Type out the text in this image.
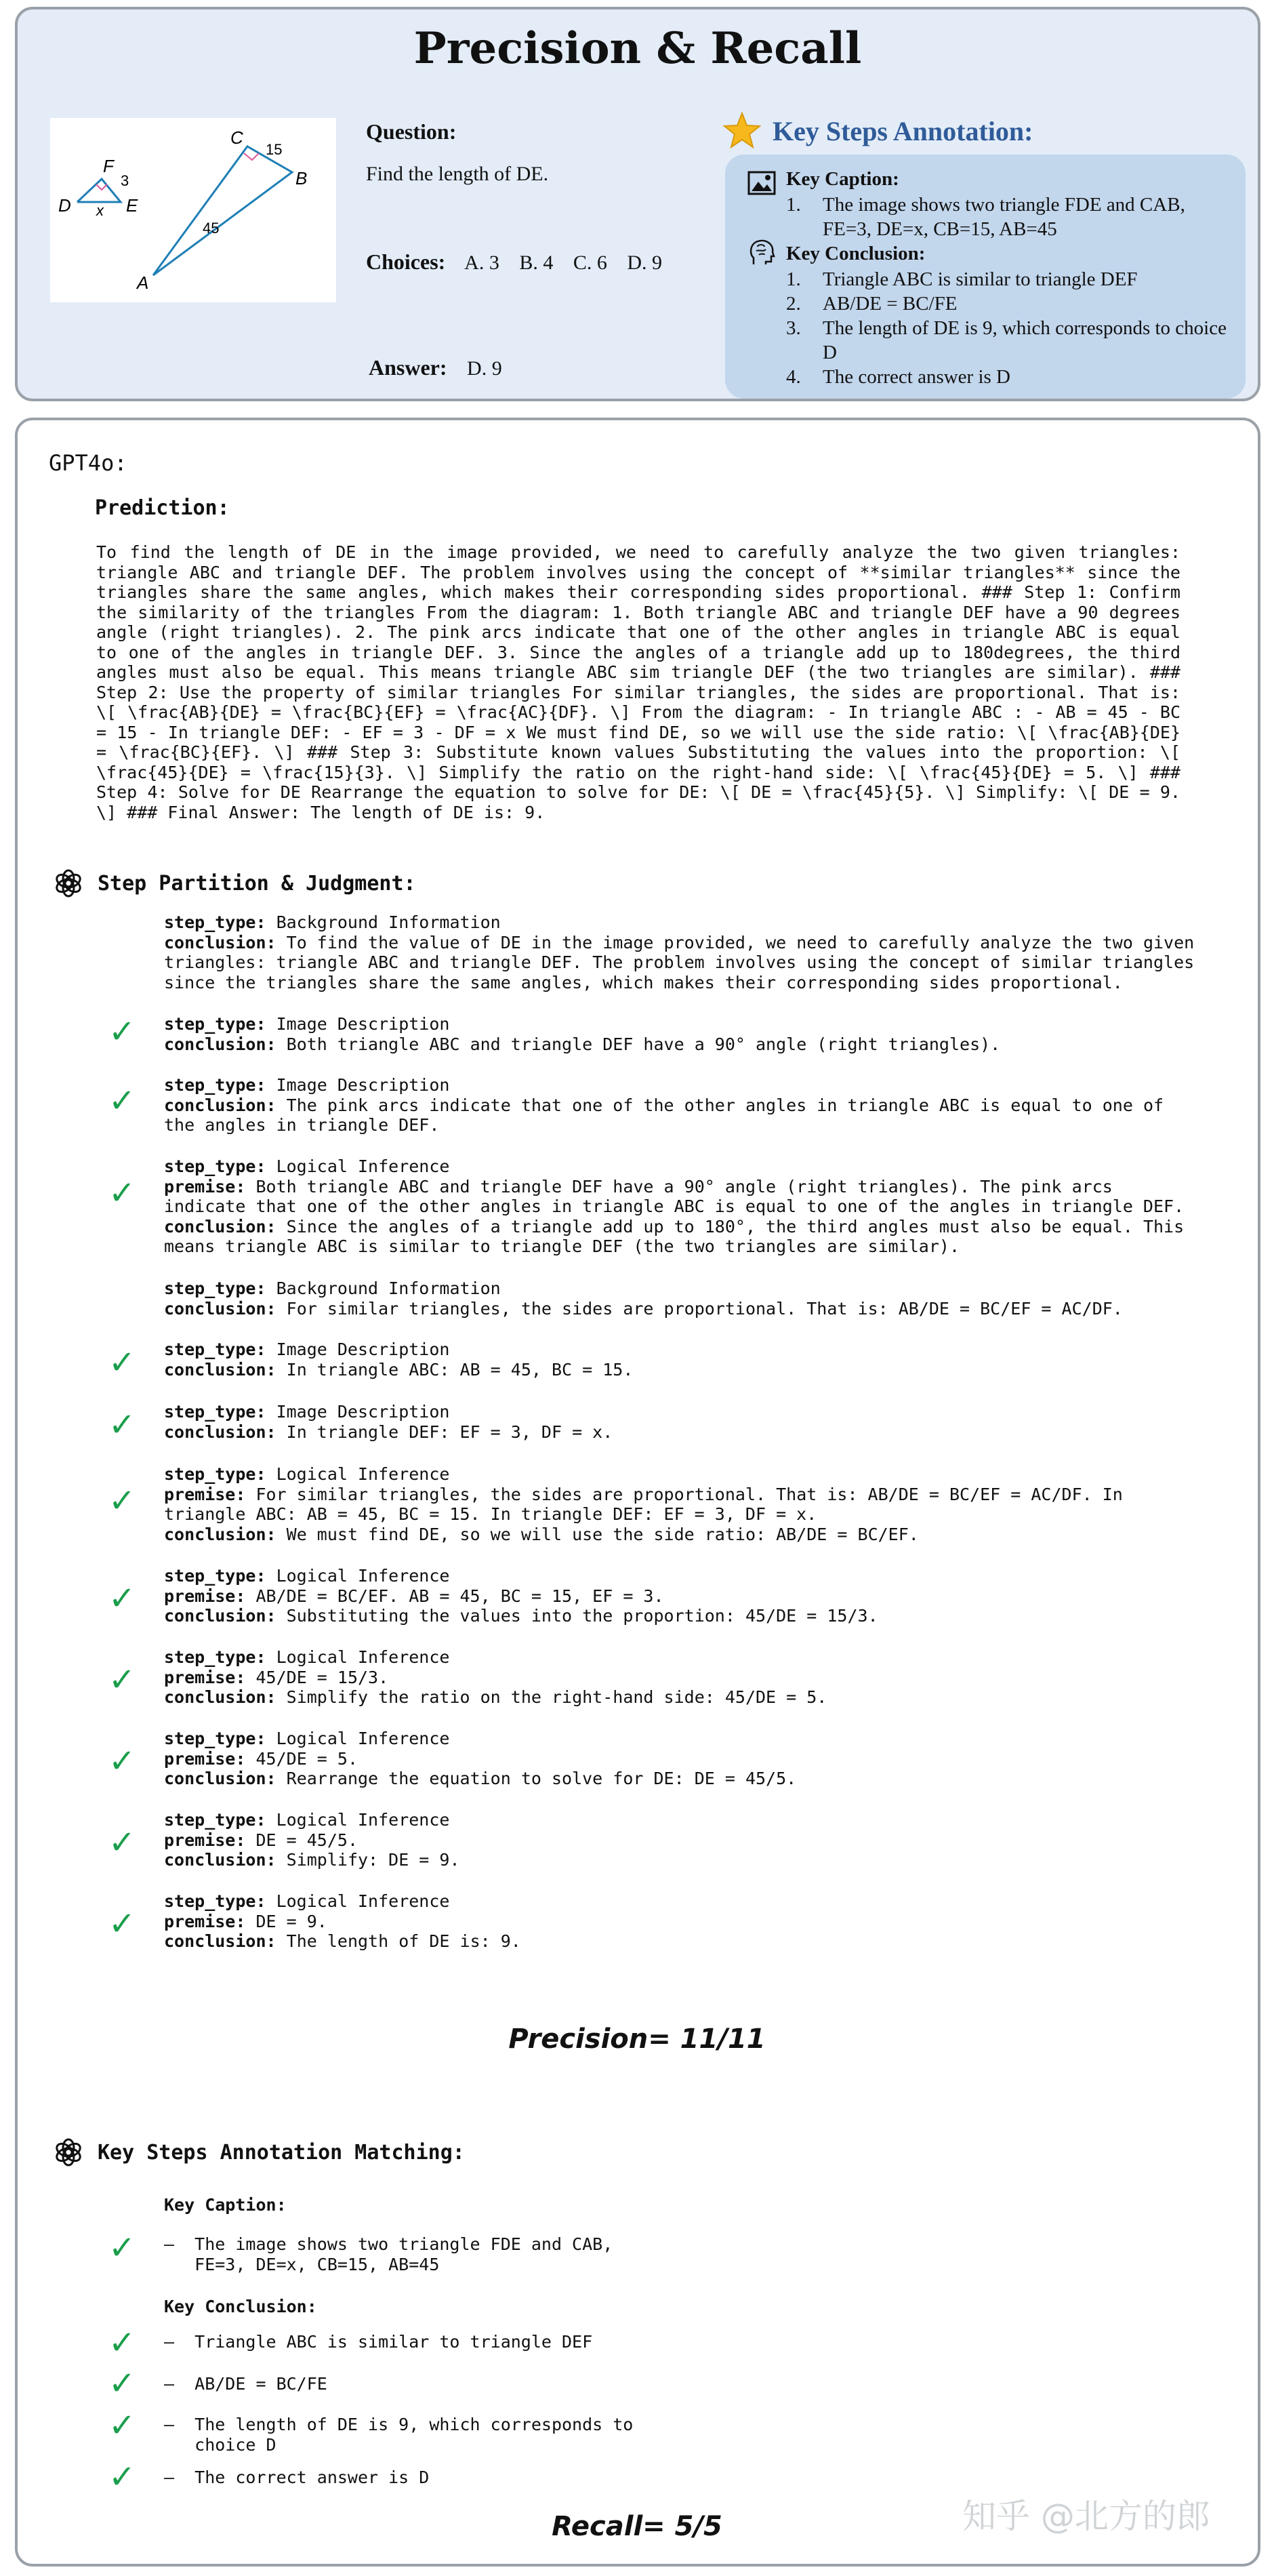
Precision & Recall
F
D	E
x
3
C
B
A
15
45
Question:
Find the length of DE.
Choices: A. 3 B. 4 C. 6 D. 9
Answer: D. 9
Key Steps Annotation:
Key Caption:
1.	The image shows two triangle FDE and CAB, FE=3, DE=x, CB=15, AB=45
Key Conclusion:
1.	Triangle ABC is similar to triangle DEF
2.	AB/DE = BC/FE
3.	The length of DE is 9, which corresponds to choice D
4.	The correct answer is D
GPT4o:
Prediction:
To find the length of DE in the image provided, we need to carefully analyze the two given triangles: triangle ABC and triangle DEF. The problem involves using the concept of **similar triangles** since the triangles share the same angles, which makes their corresponding sides proportional. ### Step 1: Confirm the similarity of the triangles From the diagram: 1. Both triangle ABC and triangle DEF have a 90 degrees angle (right triangles). 2. The pink arcs indicate that one of the other angles in triangle ABC is equal to one of the angles in triangle DEF. 3. Since the angles of a triangle add up to 180degrees, the third angles must also be equal. This means triangle ABC sim triangle DEF (the two triangles are similar). ### Step 2: Use the property of similar triangles For similar triangles, the sides are proportional. That is: \[ \frac{AB}{DE} = \frac{BC}{EF} = \frac{AC}{DF}. \] From the diagram: - In triangle ABC : - AB = 45 - BC = 15 - In triangle DEF: - EF = 3 - DF = x We must find DE, so we will use the side ratio: \[ \frac{AB}{DE} = \frac{BC}{EF}. \] ### Step 3: Substitute known values Substituting the values into the proportion: \[ \frac{45}{DE} = \frac{15}{3}. \] Simplify the ratio on the right-hand side: \[ \frac{45}{DE} = 5. \] ### Step 4: Solve for DE Rearrange the equation to solve for DE: \[ DE = \frac{45}{5}. \] Simplify: \[ DE = 9. \] ### Final Answer: The length of DE is: 9.
Step Partition & Judgment:
step_type: Background Information
conclusion: To find the value of DE in the image provided, we need to carefully analyze the two given triangles: triangle ABC and triangle DEF. The problem involves using the concept of similar triangles since the triangles share the same angles, which makes their corresponding sides proportional.
✓ step_type: Image Description
conclusion: Both triangle ABC and triangle DEF have a 90° angle (right triangles).
✓ step_type: Image Description
conclusion: The pink arcs indicate that one of the other angles in triangle ABC is equal to one of the angles in triangle DEF.
✓
step_type: Logical Inference
premise: Both triangle ABC and triangle DEF have a 90° angle (right triangles). The pink arcs indicate that one of the other angles in triangle ABC is equal to one of the angles in triangle DEF.
conclusion: Since the angles of a triangle add up to 180°, the third angles must also be equal. This means triangle ABC is similar to triangle DEF (the two triangles are similar).
step_type: Background Information
conclusion: For similar triangles, the sides are proportional. That is: AB/DE = BC/EF = AC/DF.
✓ step_type: Image Description
conclusion: In triangle ABC: AB = 45, BC = 15.
✓ step_type: Image Description
conclusion: In triangle DEF: EF = 3, DF = x.
✓
step_type: Logical Inference
premise: For similar triangles, the sides are proportional. That is: AB/DE = BC/EF = AC/DF. In triangle ABC: AB = 45, BC = 15. In triangle DEF: EF = 3, DF = x.
conclusion: We must find DE, so we will use the side ratio: AB/DE = BC/EF.
✓
step_type: Logical Inference
premise: AB/DE = BC/EF. AB = 45, BC = 15, EF = 3.
conclusion: Substituting the values into the proportion: 45/DE = 15/3.
✓
step_type: Logical Inference
premise: 45/DE = 15/3.
conclusion: Simplify the ratio on the right-hand side: 45/DE = 5.
✓
step_type: Logical Inference
premise: 45/DE = 5.
conclusion: Rearrange the equation to solve for DE: DE = 45/5.
✓
step_type: Logical Inference
premise: DE = 45/5.
conclusion: Simplify: DE = 9.
✓
step_type: Logical Inference
premise: DE = 9.
conclusion: The length of DE is: 9.
Precision= 11/11
Key Steps Annotation Matching:
Key Caption:
✓ –  The image shows two triangle FDE and CAB,
FE=3, DE=x, CB=15, AB=45
Key Conclusion:
✓ –  Triangle ABC is similar to triangle DEF
✓ –  AB/DE = BC/FE
✓ –  The length of DE is 9, which corresponds to
choice D
✓ –  The correct answer is D
Recall= 5/5	知乎 @北方的郎
